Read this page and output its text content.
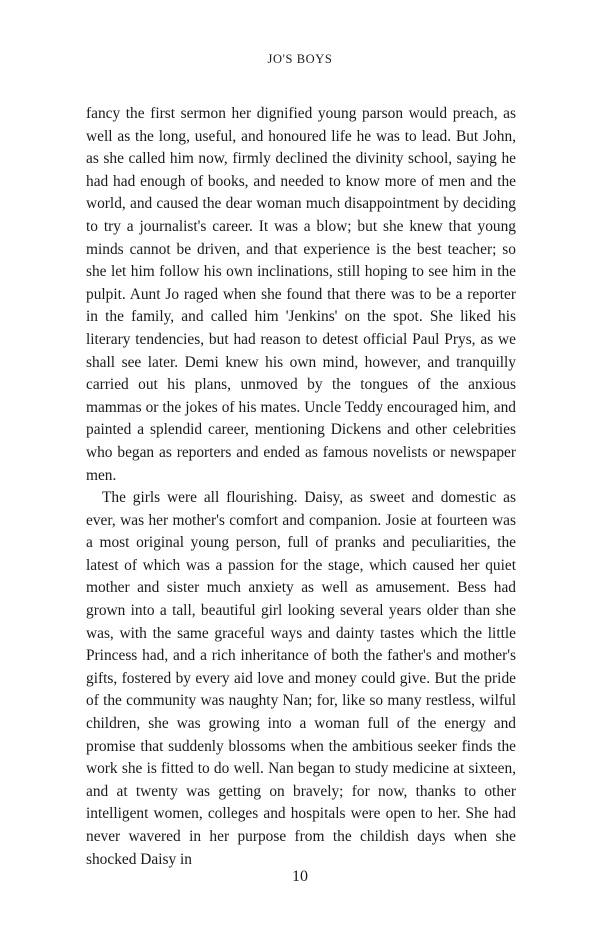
JO'S BOYS

fancy the first sermon her dignified young parson would preach, as well as the long, useful, and honoured life he was to lead. But John, as she called him now, firmly declined the divinity school, saying he had had enough of books, and needed to know more of men and the world, and caused the dear woman much disappointment by deciding to try a journalist's career. It was a blow; but she knew that young minds cannot be driven, and that experience is the best teacher; so she let him follow his own inclinations, still hoping to see him in the pulpit. Aunt Jo raged when she found that there was to be a reporter in the family, and called him 'Jenkins' on the spot. She liked his literary tendencies, but had reason to detest official Paul Prys, as we shall see later. Demi knew his own mind, however, and tranquilly carried out his plans, unmoved by the tongues of the anxious mammas or the jokes of his mates. Uncle Teddy encouraged him, and painted a splendid career, mentioning Dickens and other celebrities who began as reporters and ended as famous novelists or newspaper men.

The girls were all flourishing. Daisy, as sweet and domestic as ever, was her mother's comfort and companion. Josie at fourteen was a most original young person, full of pranks and peculiarities, the latest of which was a passion for the stage, which caused her quiet mother and sister much anxiety as well as amusement. Bess had grown into a tall, beautiful girl looking several years older than she was, with the same graceful ways and dainty tastes which the little Princess had, and a rich inheritance of both the father's and mother's gifts, fostered by every aid love and money could give. But the pride of the community was naughty Nan; for, like so many restless, wilful children, she was growing into a woman full of the energy and promise that suddenly blossoms when the ambitious seeker finds the work she is fitted to do well. Nan began to study medicine at sixteen, and at twenty was getting on bravely; for now, thanks to other intelligent women, colleges and hospitals were open to her. She had never wavered in her purpose from the childish days when she shocked Daisy in

10
